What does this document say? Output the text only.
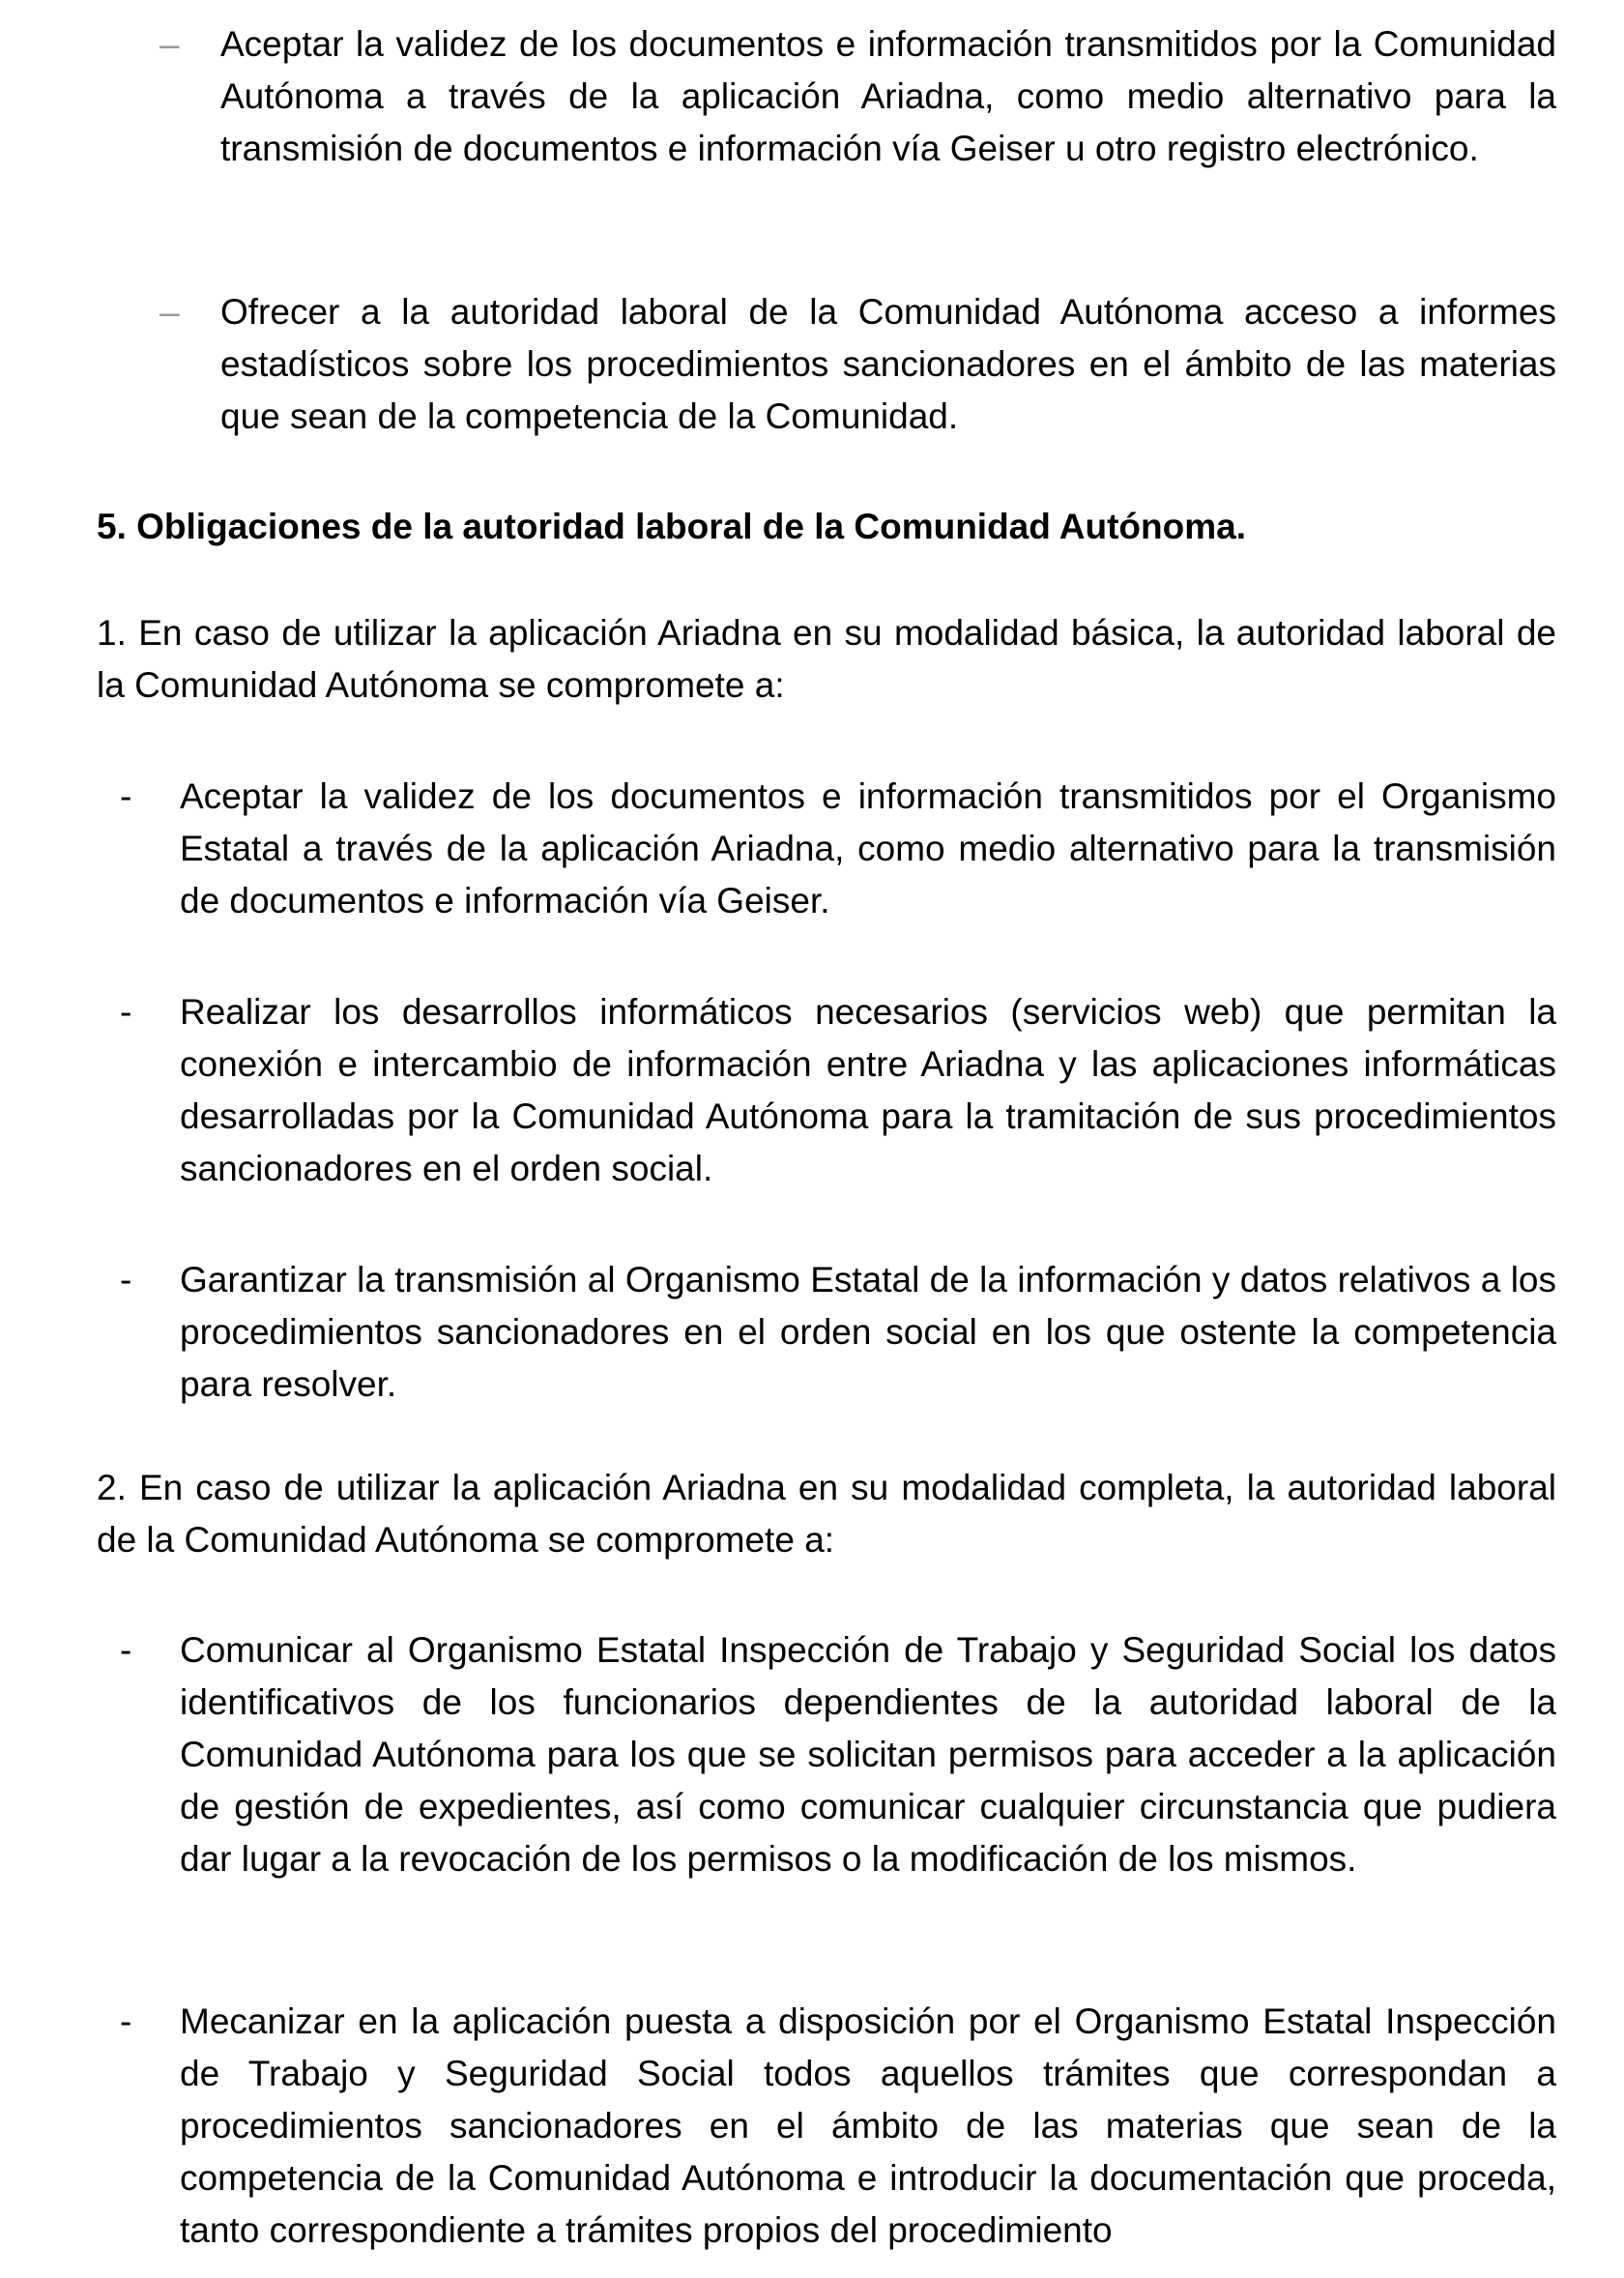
– Aceptar la validez de los documentos e información transmitidos por la Comunidad Autónoma a través de la aplicación Ariadna, como medio alternativo para la transmisión de documentos e información vía Geiser u otro registro electrónico.

– Ofrecer a la autoridad laboral de la Comunidad Autónoma acceso a informes estadísticos sobre los procedimientos sancionadores en el ámbito de las materias que sean de la competencia de la Comunidad.

5. Obligaciones de la autoridad laboral de la Comunidad Autónoma.

1. En caso de utilizar la aplicación Ariadna en su modalidad básica, la autoridad laboral de la Comunidad Autónoma se compromete a:

- Aceptar la validez de los documentos e información transmitidos por el Organismo Estatal a través de la aplicación Ariadna, como medio alternativo para la transmisión de documentos e información vía Geiser.

- Realizar los desarrollos informáticos necesarios (servicios web) que permitan la conexión e intercambio de información entre Ariadna y las aplicaciones informáticas desarrolladas por la Comunidad Autónoma para la tramitación de sus procedimientos sancionadores en el orden social.

- Garantizar la transmisión al Organismo Estatal de la información y datos relativos a los procedimientos sancionadores en el orden social en los que ostente la competencia para resolver.

2. En caso de utilizar la aplicación Ariadna en su modalidad completa, la autoridad laboral de la Comunidad Autónoma se compromete a:

- Comunicar al Organismo Estatal Inspección de Trabajo y Seguridad Social los datos identificativos de los funcionarios dependientes de la autoridad laboral de la Comunidad Autónoma para los que se solicitan permisos para acceder a la aplicación de gestión de expedientes, así como comunicar cualquier circunstancia que pudiera dar lugar a la revocación de los permisos o la modificación de los mismos.

- Mecanizar en la aplicación puesta a disposición por el Organismo Estatal Inspección de Trabajo y Seguridad Social todos aquellos trámites que correspondan a procedimientos sancionadores en el ámbito de las materias que sean de la competencia de la Comunidad Autónoma e introducir la documentación que proceda, tanto correspondiente a trámites propios del procedimiento
